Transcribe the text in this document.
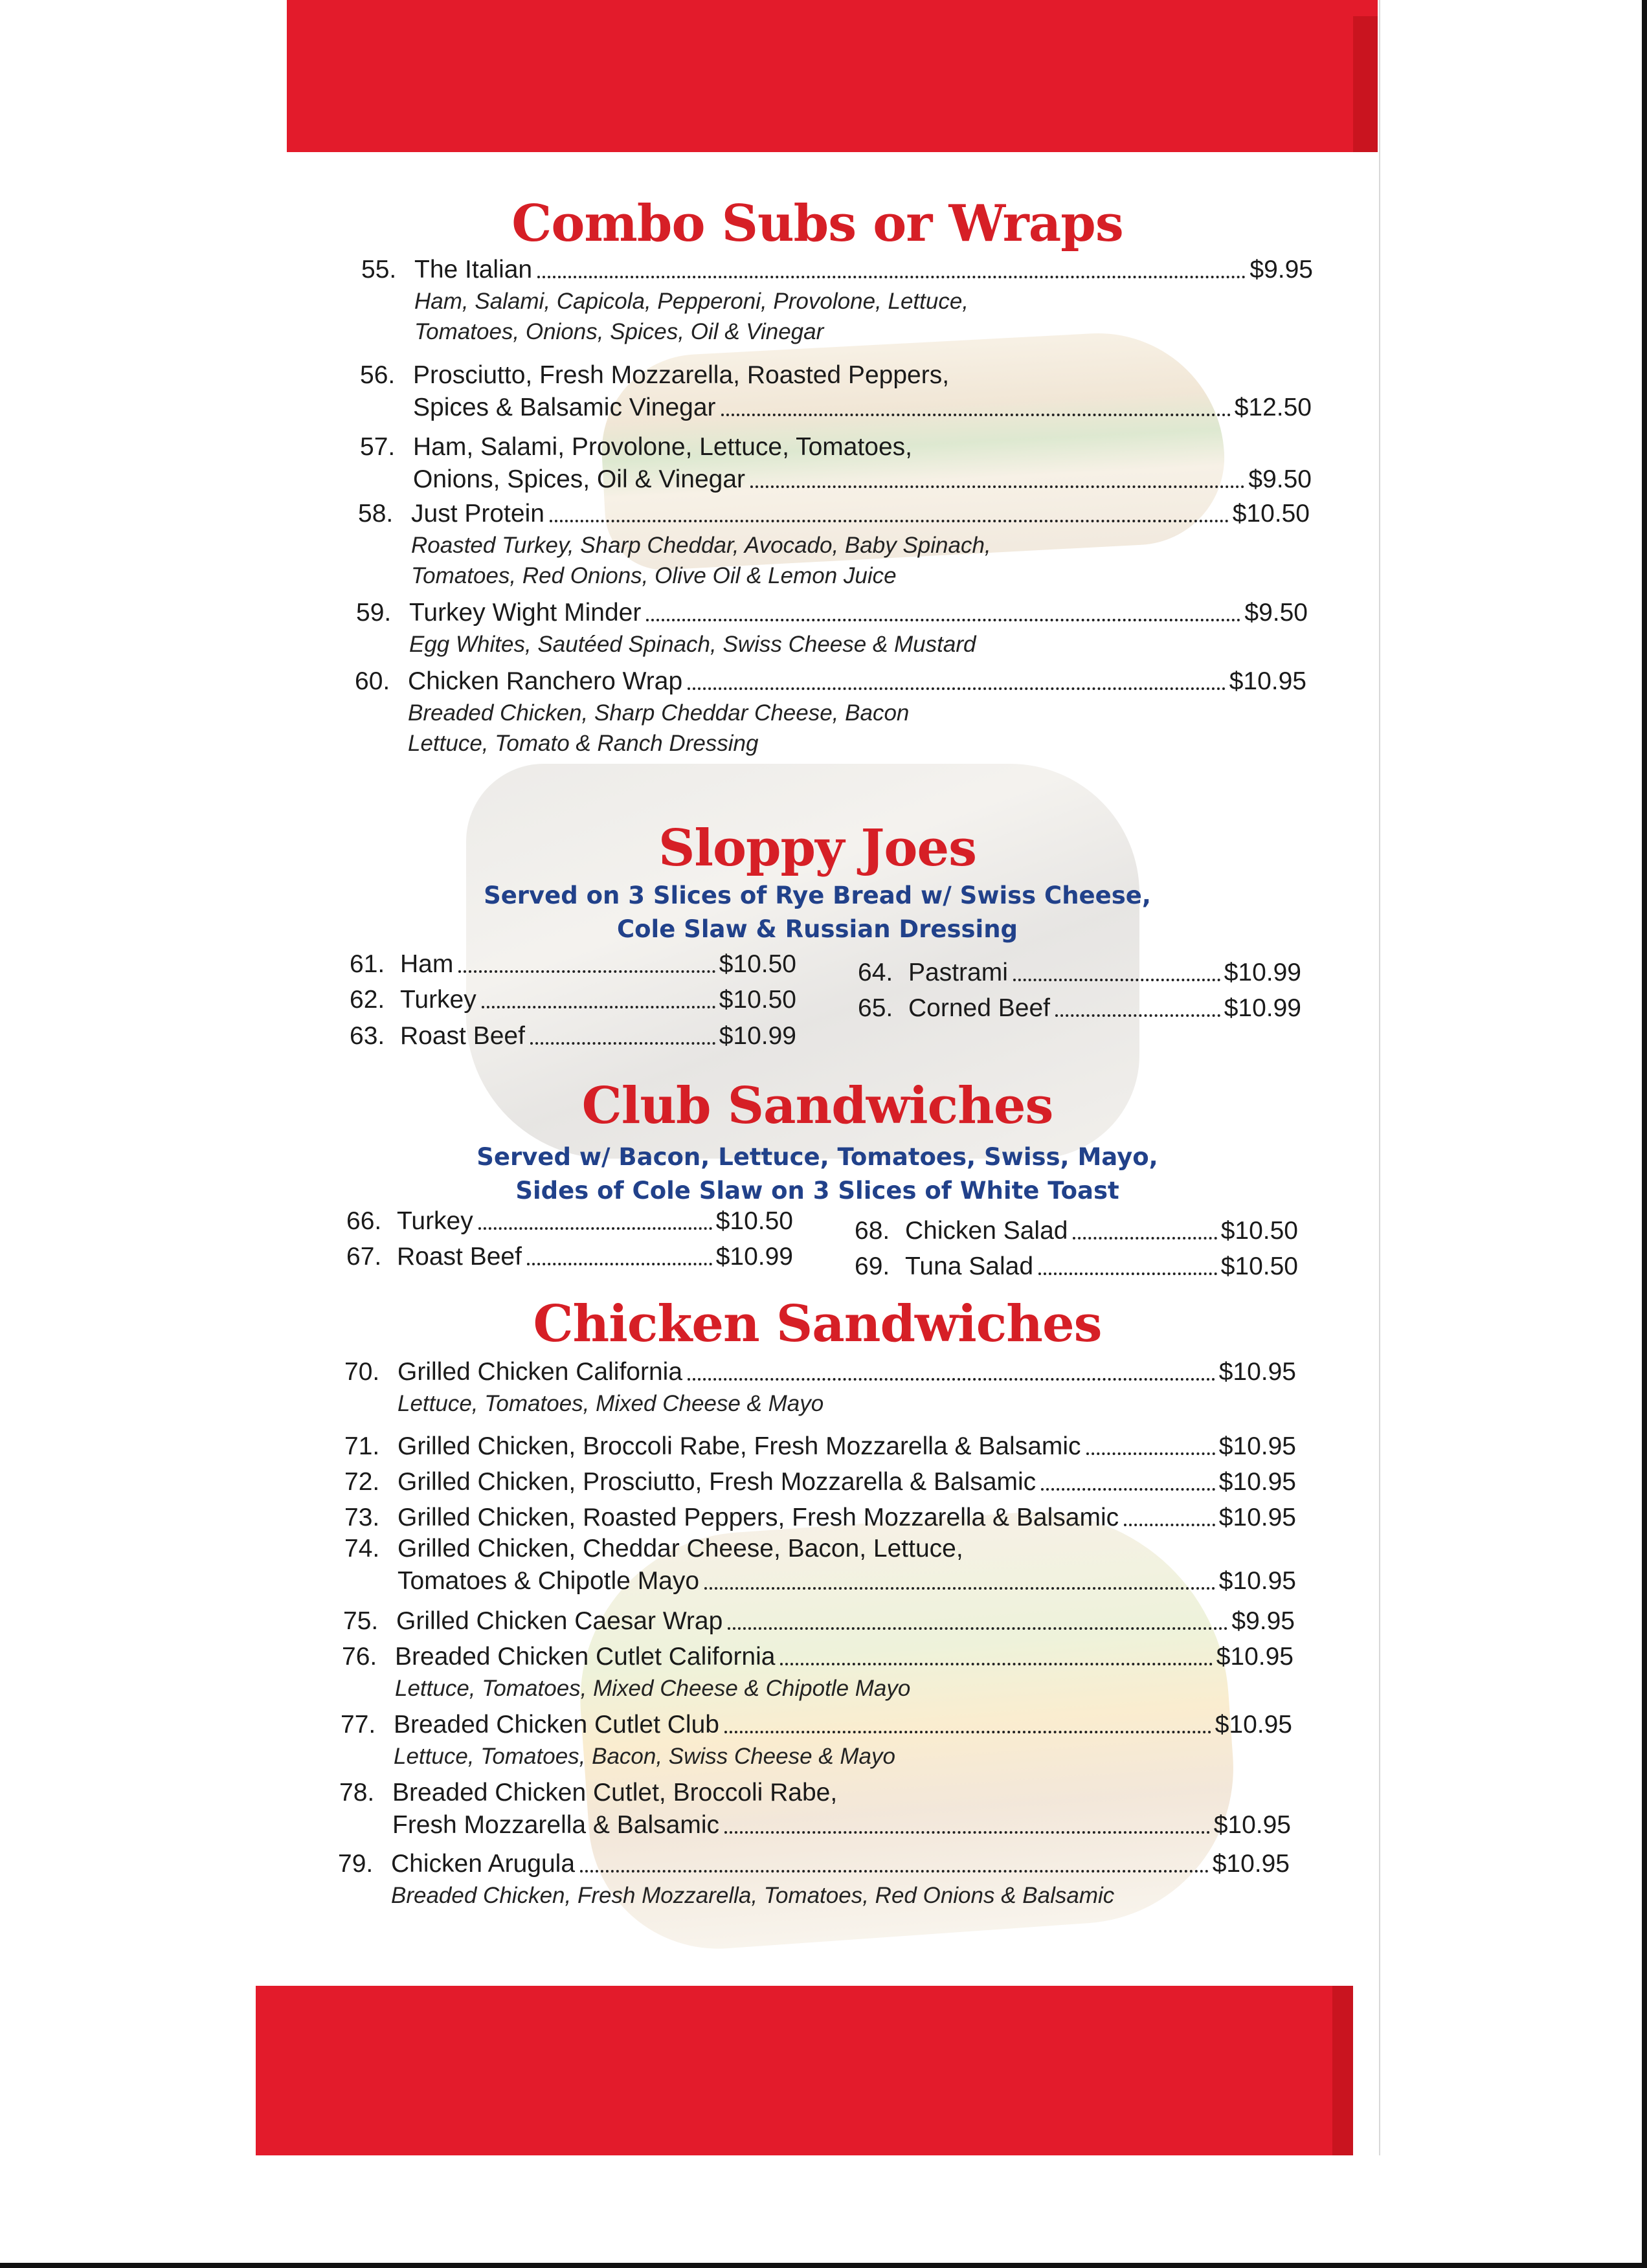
Combo Subs or Wraps
55. The Italian	$9.95
Ham, Salami, Capicola, Pepperoni, Provolone, Lettuce,
Tomatoes, Onions, Spices, Oil & Vinegar
56. Prosciutto, Fresh Mozzarella, Roasted Peppers,
Spices & Balsamic Vinegar	$12.50
57. Ham, Salami, Provolone, Lettuce, Tomatoes,
Onions, Spices, Oil & Vinegar	$9.50
58. Just Protein	$10.50
Roasted Turkey, Sharp Cheddar, Avocado, Baby Spinach,
Tomatoes, Red Onions, Olive Oil & Lemon Juice
59. Turkey Wight Minder	$9.50
Egg Whites, Sautéed Spinach, Swiss Cheese & Mustard
60. Chicken Ranchero Wrap	$10.95
Breaded Chicken, Sharp Cheddar Cheese, Bacon
Lettuce, Tomato & Ranch Dressing
Sloppy Joes
Served on 3 Slices of Rye Bread w/ Swiss Cheese,
Cole Slaw & Russian Dressing
61. Ham	$10.50
62. Turkey	$10.50
63. Roast Beef	$10.99
64. Pastrami	$10.99
65. Corned Beef	$10.99
Club Sandwiches
Served w/ Bacon, Lettuce, Tomatoes, Swiss, Mayo,
Sides of Cole Slaw on 3 Slices of White Toast
66. Turkey	$10.50
67. Roast Beef	$10.99
68. Chicken Salad	$10.50
69. Tuna Salad	$10.50
Chicken Sandwiches
70. Grilled Chicken California	$10.95
Lettuce, Tomatoes, Mixed Cheese & Mayo
71. Grilled Chicken, Broccoli Rabe, Fresh Mozzarella & Balsamic	$10.95
72. Grilled Chicken, Prosciutto, Fresh Mozzarella & Balsamic	$10.95
73. Grilled Chicken, Roasted Peppers, Fresh Mozzarella & Balsamic	$10.95
74. Grilled Chicken, Cheddar Cheese, Bacon, Lettuce,
Tomatoes & Chipotle Mayo	$10.95
75. Grilled Chicken Caesar Wrap	$9.95
76. Breaded Chicken Cutlet California	$10.95
Lettuce, Tomatoes, Mixed Cheese & Chipotle Mayo
77. Breaded Chicken Cutlet Club	$10.95
Lettuce, Tomatoes, Bacon, Swiss Cheese & Mayo
78. Breaded Chicken Cutlet, Broccoli Rabe,
Fresh Mozzarella & Balsamic	$10.95
79. Chicken Arugula	$10.95
Breaded Chicken, Fresh Mozzarella, Tomatoes, Red Onions & Balsamic
